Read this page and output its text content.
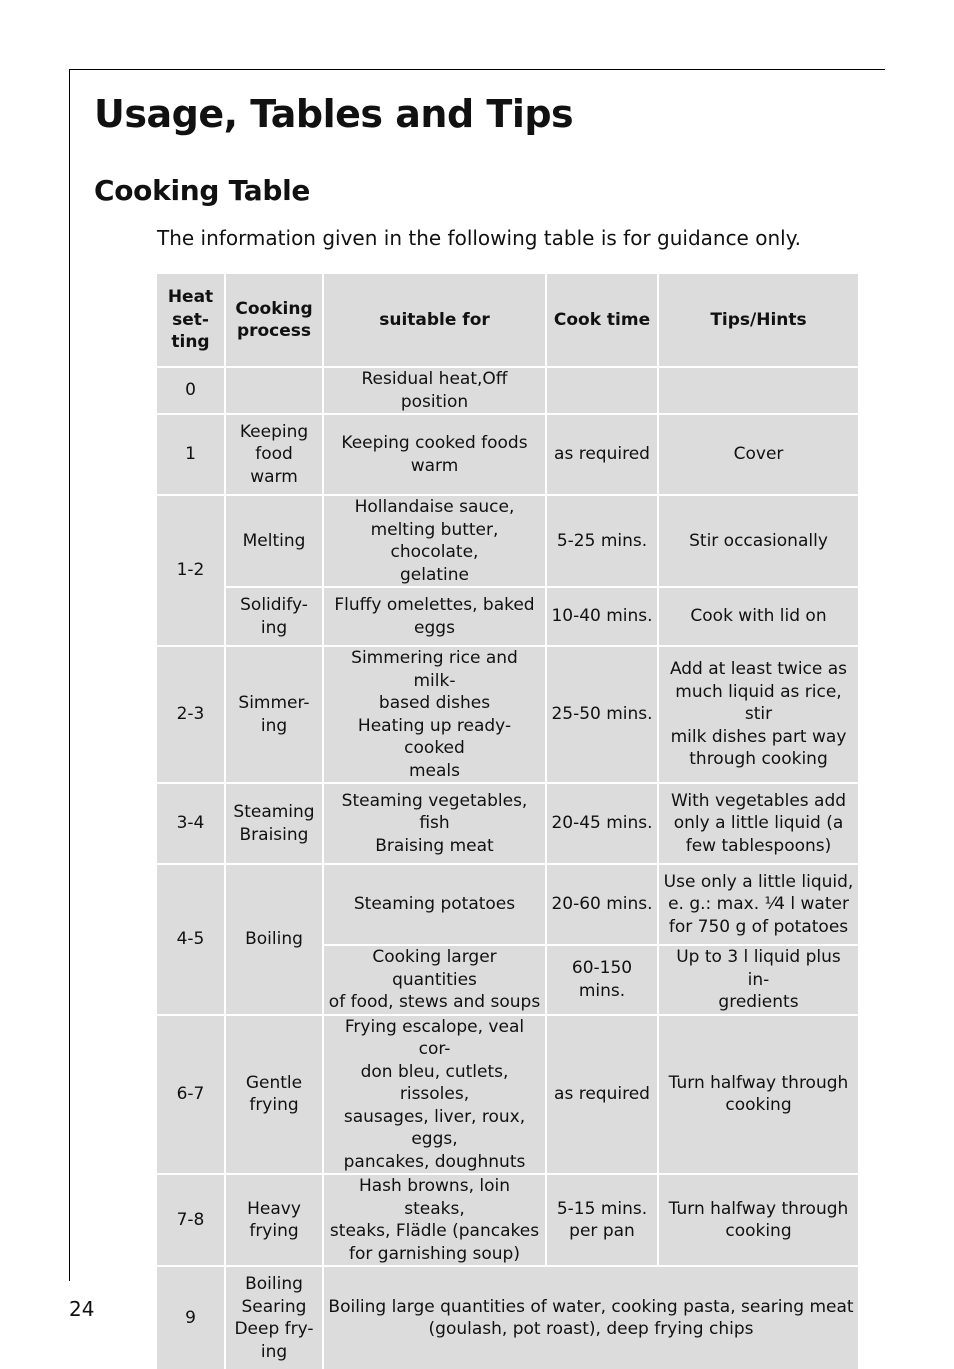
Usage, Tables and Tips
Cooking Table

The information given in the following table is for guidance only.

Heat
set-
ting	Cooking
process	suitable for	Cook time	Tips/Hints
0		Residual heat,Off position		

1	Keeping
food
warm	Keeping cooked foods
warm	as required	Cover

1-2	Melting	Hollandaise sauce,
melting butter, chocolate,
gelatine	5-25 mins.	Stir occasionally

	Solidify-
ing	Fluffy omelettes, baked
eggs	10-40 mins.	Cook with lid on

2-3	Simmer-
ing	Simmering rice and milk-
based dishes
Heating up ready-cooked
meals	25-50 mins.	Add at least twice as
much liquid as rice, stir
milk dishes part way
through cooking

3-4	Steaming
Braising	Steaming vegetables, fish
Braising meat	20-45 mins.	With vegetables add
only a little liquid (a
few tablespoons)

4-5	Boiling	Steaming potatoes	20-60 mins.	Use only a little liquid,
e. g.: max. ¹⁄4 l water
for 750 g of potatoes

		Cooking larger quantities
of food, stews and soups	60-150
mins.	Up to 3 l liquid plus in-
gredients

6-7	Gentle
frying	Frying escalope, veal cor-
don bleu, cutlets, rissoles,
sausages, liver, roux, eggs,
pancakes, doughnuts	as required	Turn halfway through
cooking

7-8	Heavy
frying	Hash browns, loin steaks,
steaks, Flädle (pancakes
for garnishing soup)	5-15 mins.
per pan	Turn halfway through
cooking

9	Boiling
Searing
Deep fry-
ing	Boiling large quantities of water, cooking pasta, searing meat
(goulash, pot roast), deep frying chips		
24
